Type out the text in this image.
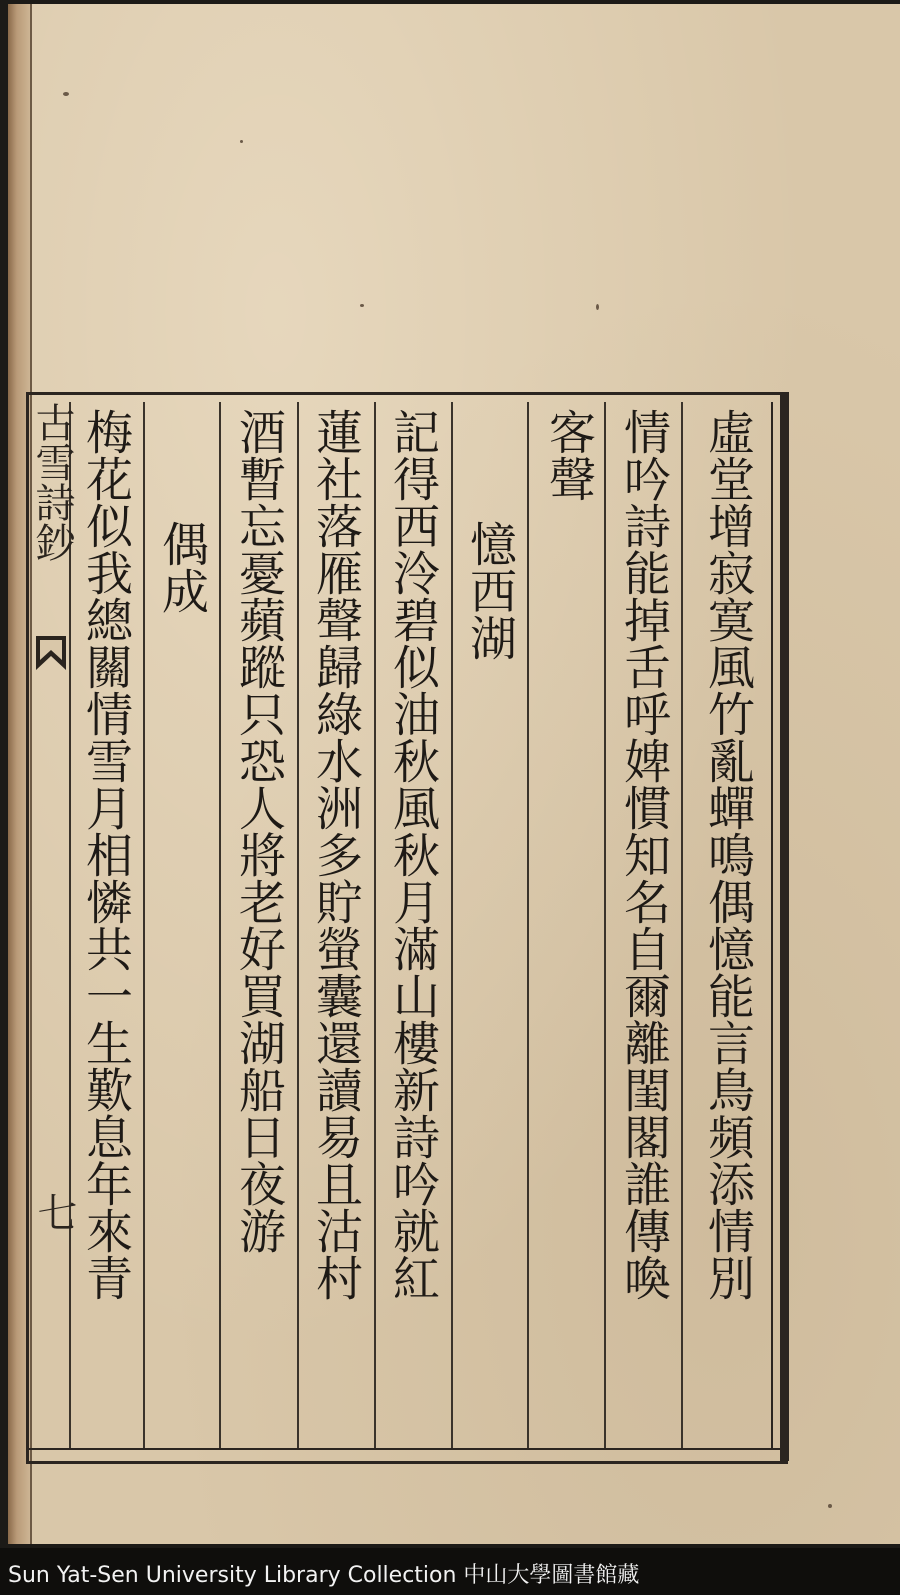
古雪詩鈔
七	虛堂增寂寞風竹亂蟬鳴偶憶能言鳥頻添情別
情吟詩能掉舌呼婢慣知名自爾離閨閣誰傳喚
客聲
憶西湖
記得西泠碧似油秋風秋月滿山樓新詩吟就紅
蓮社落雁聲歸綠水洲多貯螢囊還讀易且沽村
酒暫忘憂蘋蹤只恐人將老好買湖船日夜游
偶成
梅花似我總關情雪月相憐共一生歎息年來青
Sun Yat-Sen University Library Collection 中山大學圖書館藏
